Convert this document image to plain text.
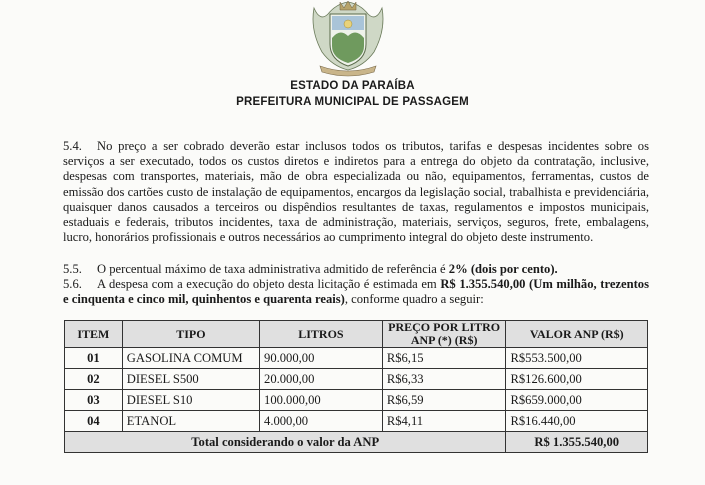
ESTADO DA PARAÍBA
PREFEITURA MUNICIPAL DE PASSAGEM

5.4. No preço a ser cobrado deverão estar inclusos todos os tributos, tarifas e despesas incidentes sobre os serviços a ser executado, todos os custos diretos e indiretos para a entrega do objeto da contratação, inclusive, despesas com transportes, materiais, mão de obra especializada ou não, equipamentos, ferramentas, custos de emissão dos cartões custo de instalação de equipamentos, encargos da legislação social, trabalhista e previdenciária, quaisquer danos causados a terceiros ou dispêndios resultantes de taxas, regulamentos e impostos municipais, estaduais e federais, tributos incidentes, taxa de administração, materiais, serviços, seguros, frete, embalagens, lucro, honorários profissionais e outros necessários ao cumprimento integral do objeto deste instrumento.

5.5. O percentual máximo de taxa administrativa admitido de referência é 2% (dois por cento).

5.6. A despesa com a execução do objeto desta licitação é estimada em R$ 1.355.540,00 (Um milhão, trezentos e cinquenta e cinco mil, quinhentos e quarenta reais), conforme quadro a seguir:

ITEM	TIPO	LITROS	PREÇO POR LITRO ANP (*) (R$)	VALOR ANP (R$)
01	GASOLINA COMUM	90.000,00	R$6,15	R$553.500,00
02	DIESEL S500	20.000,00	R$6,33	R$126.600,00
03	DIESEL S10	100.000,00	R$6,59	R$659.000,00
04	ETANOL	4.000,00	R$4,11	R$16.440,00
Total considerando o valor da ANP				R$ 1.355.540,00
